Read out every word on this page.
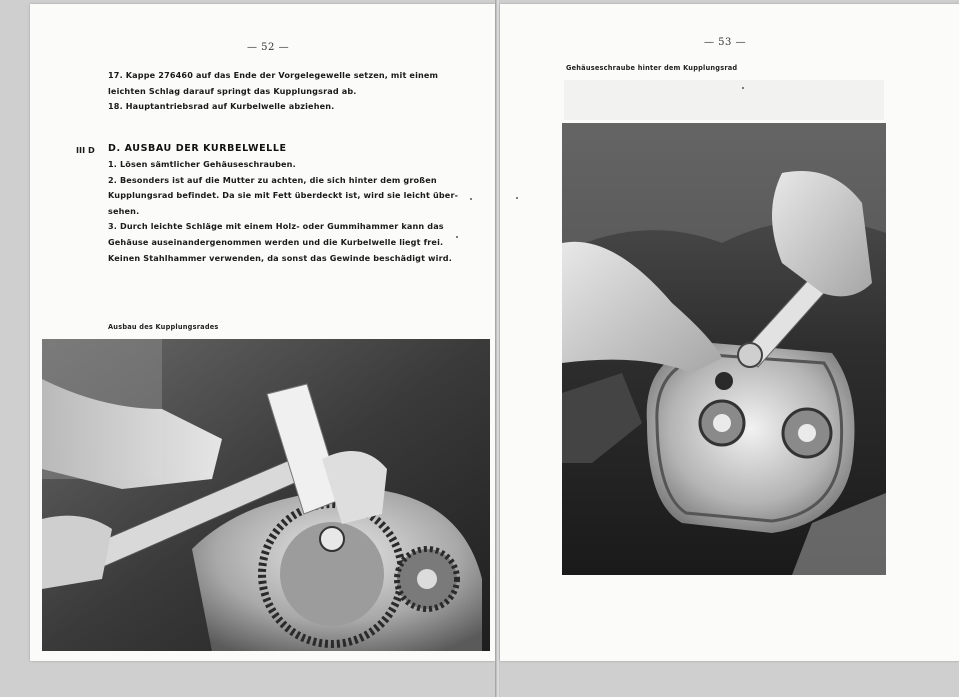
— 52 —
17. Kappe 276460 auf das Ende der Vorgelegewelle setzen, mit einem
leichten Schlag darauf springt das Kupplungsrad ab.
18. Hauptantriebsrad auf Kurbelwelle abziehen.
III D D. AUSBAU DER KURBELWELLE
1. Lösen sämtlicher Gehäuseschrauben.
2. Besonders ist auf die Mutter zu achten, die sich hinter dem großen
Kupplungsrad befindet. Da sie mit Fett überdeckt ist, wird sie leicht über-
sehen.
3. Durch leichte Schläge mit einem Holz- oder Gummihammer kann das
Gehäuse auseinandergenommen werden und die Kurbelwelle liegt frei.
Keinen Stahlhammer verwenden, da sonst das Gewinde beschädigt wird.
Ausbau des Kupplungsrades
— 53 —
Gehäuseschraube hinter dem Kupplungsrad
